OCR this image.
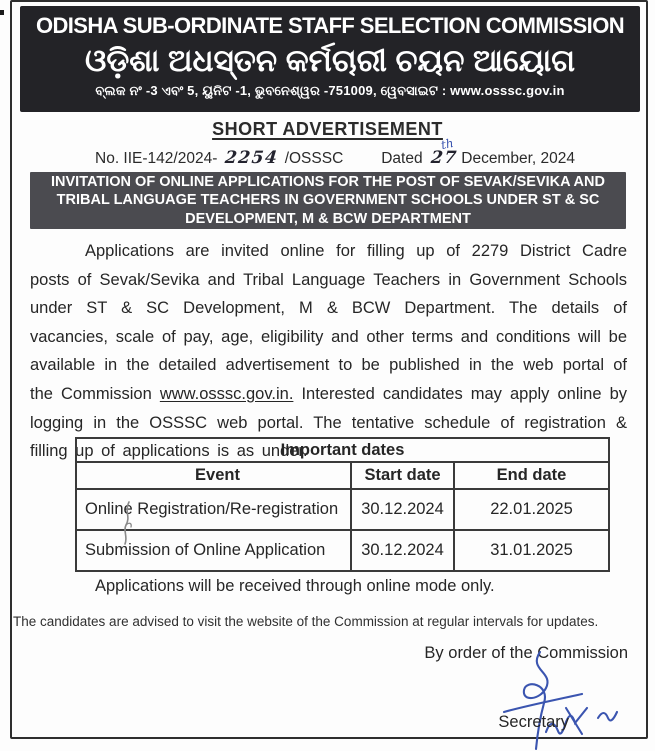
ODISHA SUB-ORDINATE STAFF SELECTION COMMISSION
ଓଡ଼ିଶା ଅଧସ୍ତନ କର୍ମଚାରୀ ଚୟନ ଆୟୋଗ
ବ୍ଲକ ନଂ -3 ଏବଂ 5, ୟୁନିଟ -1, ଭୁବନେଶ୍ୱର -751009, ୱେବସାଇଟ : www.osssc.gov.in
SHORT ADVERTISEMENT
No. IIE-142/2024- 2254 /OSSSC Dated 27
th
December, 2024
INVITATION OF ONLINE APPLICATIONS FOR THE POST OF SEVAK/SEVIKA AND TRIBAL LANGUAGE TEACHERS IN GOVERNMENT SCHOOLS UNDER ST & SC DEVELOPMENT, M & BCW DEPARTMENT
Applications are invited online for filling up of 2279 District Cadre posts of Sevak/Sevika and Tribal Language Teachers in Government Schools under ST & SC Development, M & BCW Department. The details of vacancies, scale of pay, age, eligibility and other terms and conditions will be available in the detailed advertisement to be published in the web portal of the Commission www.osssc.gov.in. Interested candidates may apply online by logging in the OSSSC web portal. The tentative schedule of registration & filling up of applications is as under.
Important dates		
Event	Start date	End date
Online Registration/Re-registration	30.12.2024	22.01.2025
Submission of Online Application	30.12.2024	31.01.2025
Applications will be received through online mode only.
The candidates are advised to visit the website of the Commission at regular intervals for updates.
By order of the Commission
Secretary
